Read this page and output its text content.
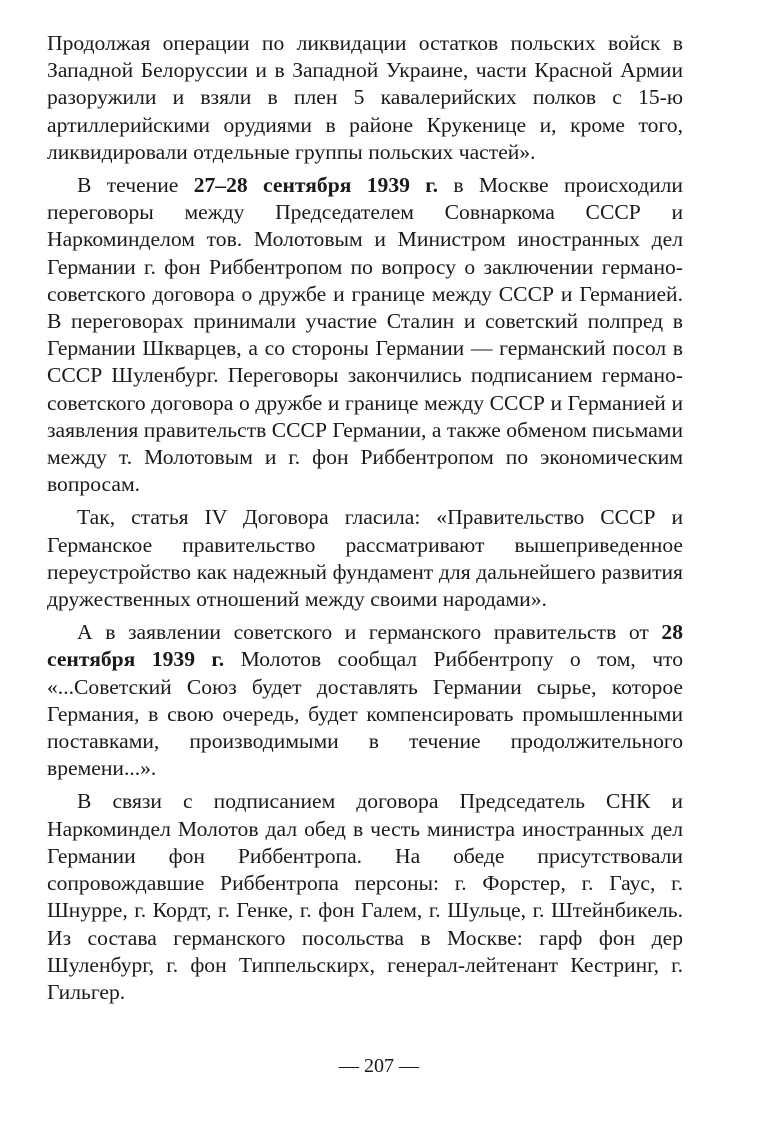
Продолжая операции по ликвидации остатков польских войск в Западной Белоруссии и в Западной Украине, части Красной Армии разоружили и взяли в плен 5 кавалерийских полков с 15-ю артиллерийскими орудиями в районе Крукенице и, кроме того, ликвидировали отдельные группы польских частей».

В течение 27–28 сентября 1939 г. в Москве происходили переговоры между Председателем Совнаркома СССР и Наркоминделом тов. Молотовым и Министром иностранных дел Германии г. фон Риббентропом по вопросу о заключении германо-советского договора о дружбе и границе между СССР и Германией. В переговорах принимали участие Сталин и советский полпред в Германии Шкварцев, а со стороны Германии — германский посол в СССР Шуленбург. Переговоры закончились подписанием германо-советского договора о дружбе и границе между СССР и Германией и заявления правительств СССР Германии, а также обменом письмами между т. Молотовым и г. фон Риббентропом по экономическим вопросам.

Так, статья IV Договора гласила: «Правительство СССР и Германское правительство рассматривают вышеприведенное переустройство как надежный фундамент для дальнейшего развития дружественных отношений между своими народами».

А в заявлении советского и германского правительств от 28 сентября 1939 г. Молотов сообщал Риббентропу о том, что «...Советский Союз будет доставлять Германии сырье, которое Германия, в свою очередь, будет компенсировать промышленными поставками, производимыми в течение продолжительного времени...».

В связи с подписанием договора Председатель СНК и Наркоминдел Молотов дал обед в честь министра иностранных дел Германии фон Риббентропа. На обеде присутствовали сопровождавшие Риббентропа персоны: г. Форстер, г. Гаус, г. Шнурре, г. Кордт, г. Генке, г. фон Галем, г. Шульце, г. Штейнбикель. Из состава германского посольства в Москве: гарф фон дер Шуленбург, г. фон Типпельскирх, генерал-лейтенант Кестринг, г. Гильгер.

— 207 —
